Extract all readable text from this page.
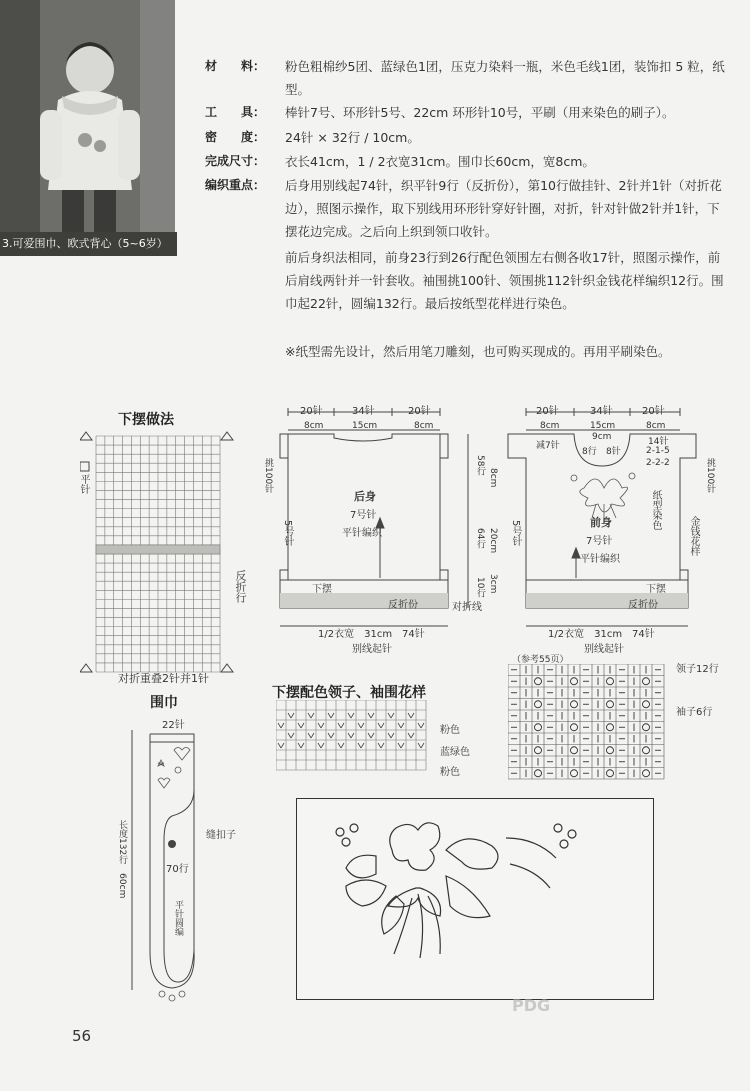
3.可爱围巾、欧式背心（5~6岁）
材　　料：	粉色粗棉纱5团、蓝绿色1团，压克力染料一瓶，米色毛线1团，装饰扣 5 粒，纸型。
工　　具：	棒针7号、环形针5号、22cm 环形针10号，平刷（用来染色的刷子）。
密　　度：	24针 × 32行 / 10cm。
完成尺寸：	衣长41cm，1 / 2衣宽31cm。围巾长60cm，宽8cm。
编织重点：	后身用别线起74针，织平针9行（反折份），第10行做挂针、2针并1针（对折花边），照图示操作，取下别线用环形针穿好针圈，对折，针对针做2针并1针，下摆花边完成。之后向上织到领口收针。
前后身织法相同，前身23行到26行配色领围左右侧各收17针，照图示操作，前后肩线两针并一针套收。袖围挑100针、领围挑112针织金钱花样编织12行。围巾起22针，圆编132行。最后按纸型花样进行染色。
※纸型需先设计，然后用笔刀雕刻，也可购买现成的。再用平刷染色。
下摆做法
平针
反折行
对折重叠2针并1针
20针	34针	20针
8cm	15cm	8cm
后身
7号针
平针编织
挑100针
5号针
58行
8cm
64行 20cm
10行 3cm
下摆
反折份	对折线
1/2衣宽　31cm　74针
别线起针
20针	34针	20针
8cm	15cm	8cm
减7针
9cm
8行 8针
14针
2-1-5
2-2-2
前身
7号针
平针编织
纸型染色
挑100针
5号针	金钱花样
下摆
反折份
1/2衣宽　31cm　74针
别线起针
围巾
22针
缝扣子
70行
长度132行　60cm
平针圆编
下摆配色领子、袖围花样
粉色
蓝绿色
粉色
（参考55页）
领子12行
袖子6行
PDG
56
